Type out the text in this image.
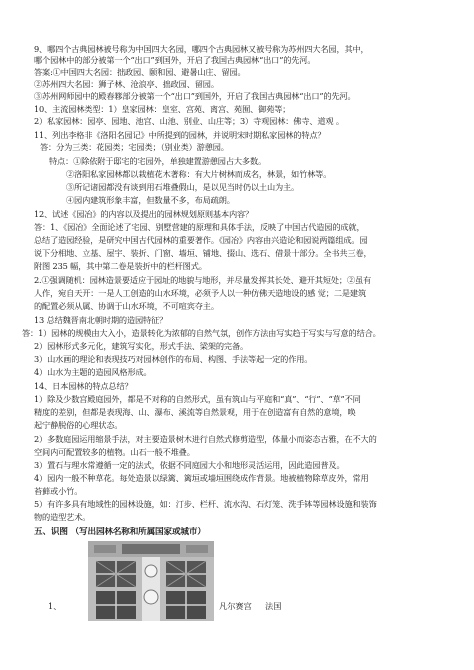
9、哪四个古典园林被号称为中国四大名园，哪四个古典园林又被号称为苏州四大名园，其中，
哪个园林中的部分被第一个“出口”到国外，开启了我国古典园林“出口”的先河。
答案:①中国四大名园：拙政园、颐和园、避暑山庄、留园。
②苏州四大名园：狮子林、沧浪亭、拙政园、留园。
③苏州网师园中的殿春簃部分被第一个“出口”到国外，开启了我国古典园林“出口”的先河。
10、主流园林类型：1）皇家园林：皇室、宫苑、离宫、苑囿、御苑等；
2）私家园林：园亭、园地、池宫、山池、别业、山庄等；3）寺观园林：佛寺、道观 。
11、列出李格非《洛阳名园记》中所提到的园林，并说明宋时期私家园林的特点？
答：分为三类：花园类；宅园类；（别业类）游憩园。
特点：①除依附于邸宅的宅园外，单独建置游憩园占大多数。
②洛阳私家园林都以栽植花木著称：有大片树林而成名，林景，如竹林等。
③所记诸园都没有谈到用石堆叠假山，是以见当时仍以土山为主。
④园内建筑形象丰富，但数量不多，布局疏朗。
12、试述《园冶》的内容以及提出的园林规划原则基本内容？
答：1、《园冶》全面论述了宅园、别墅营建的原理和具体手法，反映了中国古代造园的成就，
总结了造园经验，是研究中国古代园林的重要著作。《园冶》内容由兴造论和园说两篇组成。园
说下分相地、立基、屋宇、装折、门窗、墙垣、铺地、掇山、选石、借景十部分。全书共三卷，
附图 235 幅，其中第二卷是装折中的栏杆图式。
2.①强调随机：园林造景要适应于园址的地貌与地形，并尽量发挥其长处、避开其短处；②虽有
人作，宛自天开：一是人工创造的山水环境，必须予人以一种仿佛天造地设的感 觉；二是建筑
的配置必须从属、协调于山水环境，不可喧宾夺主。
13 总结魏晋南北朝时期的造园特征？
答：1）园林的规模由大入小，造景转化为浓郁的自然气氛，创作方法由写实趋于写实与写意的结合。
2）园林形式多元化，建筑写实化，形式手法、梁架的完备。
3）山水画的理论和表现技巧对园林创作的布局、构图、手法等起一定的作用。
4）山水为主题的造园风格形成。
14、日本园林的特点总结？
1）除及少数宫殿庭园外，都是不对称的自然形式，虽有筑山与平庭和“真”、“行”、“草”不同
精度的差别，但都是表现海、山、瀑布、溪流等自然景观，用于在创造富有自然的意境，唤
起宁静脱俗的心理状态。
2）多数庭园运用缩景手法，对主要造景树木进行自然式修剪造型，体量小而姿态古雅，在不大的
空间内可配置较多的植物。山石一般不堆叠。
3）置石与理水常遵循一定的法式，依据不同庭园大小和地形灵活运用，因此造园普及。
4）园内一般不种草花。每处造景以绿篱、篱垣或墙垣围绕成作背景。地被植物除草皮外，常用
苔藓或小竹。
5）有许多具有地域性的园林设施，如：汀步、栏杆、流水沟、石灯笼、洗手钵等园林设施和装饰
物的造型艺术。
五、识图 （写出园林名称和所属国家或城市）
1、	凡尔赛宫 法国
